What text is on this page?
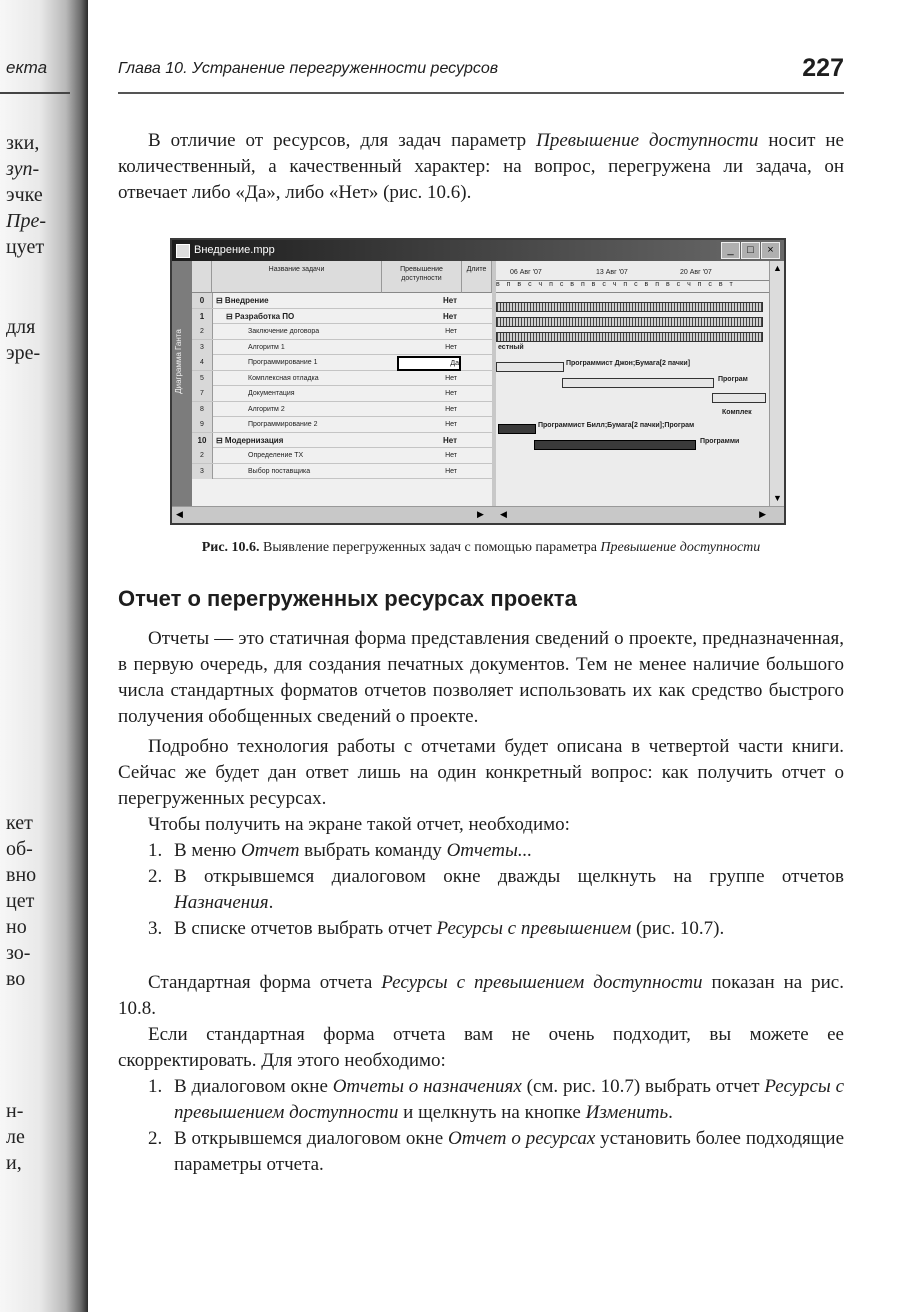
екта
зки,
зуп-
эчке
Пре-
цует
для
эре-
кет
об-
вно
цет
но
зо-
во
н-
ле
и,
Глава 10. Устранение перегруженности ресурсов	227

В отличие от ресурсов, для задач параметр Превышение доступности носит не количественный, а качественный характер: на вопрос, перегружена ли задача, он отвечает либо «Да», либо «Нет» (рис. 10.6).

Внедрение.mpp	_	□	×
Диаграмма Ганта
Название задачи	Превышение доступности
Длите
0	⊟ Внедрение	Нет
1	⊟ Разработка ПО	Нет
2	Заключение договора	Нет
3	Алгоритм 1	Нет
4	Программирование 1	Да
5	Комплексная отладка	Нет
7	Документация	Нет
8	Алгоритм 2	Нет
9	Программирование 2	Нет
10	⊟ Модернизация	Нет
2	Определение ТХ	Нет
3	Выбор поставщика	Нет
06 Авг '07	13 Авг '07	20 Авг '07
в п в с ч п с в п в с ч п с в п в с ч п с в т
естный
Программист Джон;Бумага[2 пачки]
Програм
Комплек
Программист Билл;Бумага[2 пачки];Програм
Программи
▲
▼
◀	▶ ◀	▶
Рис. 10.6. Выявление перегруженных задач с помощью параметра Превышение доступности
Отчет о перегруженных ресурсах проекта

Отчеты — это статичная форма представления сведений о проекте, предназначенная, в первую очередь, для создания печатных документов. Тем не менее наличие большого числа стандартных форматов отчетов позволяет использовать их как средство быстрого получения обобщенных сведений о проекте.

Подробно технология работы с отчетами будет описана в четвертой части книги. Сейчас же будет дан ответ лишь на один конкретный вопрос: как получить отчет о перегруженных ресурсах.

Чтобы получить на экране такой отчет, необходимо:

1. В меню Отчет выбрать команду Отчеты...
2. В открывшемся диалоговом окне дважды щелкнуть на группе отчетов Назначения.
3. В списке отчетов выбрать отчет Ресурсы с превышением (рис. 10.7).

Стандартная форма отчета Ресурсы с превышением доступности показан на рис. 10.8.

Если стандартная форма отчета вам не очень подходит, вы можете ее скорректировать. Для этого необходимо:

1. В диалоговом окне Отчеты о назначениях (см. рис. 10.7) выбрать отчет Ресурсы с превышением доступности и щелкнуть на кнопке Изменить.
2. В открывшемся диалоговом окне Отчет о ресурсах установить более подходящие параметры отчета.
